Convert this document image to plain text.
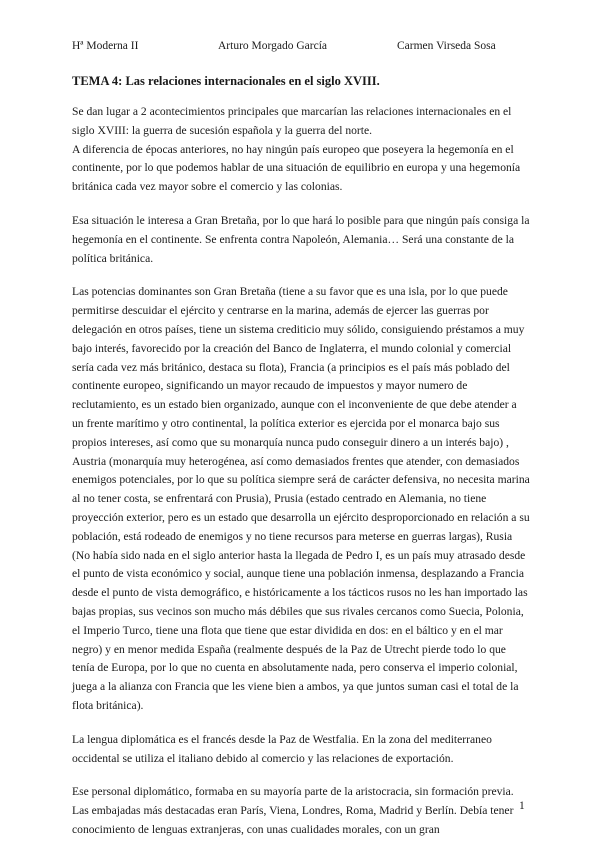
Hª Moderna II	Arturo Morgado García	Carmen Virseda Sosa
TEMA 4: Las relaciones internacionales en el siglo XVIII.

Se dan lugar a 2 acontecimientos principales que marcarían las relaciones internacionales en el siglo XVIII: la guerra de sucesión española y la guerra del norte.

A diferencia de épocas anteriores, no hay ningún país europeo que poseyera la hegemonía en el continente, por lo que podemos hablar de una situación de equilibrio en europa y una hegemonía británica cada vez mayor sobre el comercio y las colonias.

Esa situación le interesa a Gran Bretaña, por lo que hará lo posible para que ningún país consiga la hegemonía en el continente. Se enfrenta contra Napoleón, Alemania… Será una constante de la política británica.

Las potencias dominantes son Gran Bretaña (tiene a su favor que es una isla, por lo que puede permitirse descuidar el ejército y centrarse en la marina, además de ejercer las guerras por delegación en otros países, tiene un sistema crediticio muy sólido, consiguiendo préstamos a muy bajo interés, favorecido por la creación del Banco de Inglaterra, el mundo colonial y comercial sería cada vez más británico, destaca su flota), Francia (a principios es el país más poblado del continente europeo, significando un mayor recaudo de impuestos y mayor numero de reclutamiento, es un estado bien organizado, aunque con el inconveniente de que debe atender a un frente marítimo y otro continental, la política exterior es ejercida por el monarca bajo sus propios intereses, así como que su monarquía nunca pudo conseguir dinero a un interés bajo) , Austria (monarquía muy heterogénea, así como demasiados frentes que atender, con demasiados enemigos potenciales, por lo que su política siempre será de carácter defensiva, no necesita marina al no tener costa, se enfrentará con Prusia), Prusia (estado centrado en Alemania, no tiene proyección exterior, pero es un estado que desarrolla un ejército desproporcionado en relación a su población, está rodeado de enemigos y no tiene recursos para meterse en guerras largas), Rusia (No había sido nada en el siglo anterior hasta la llegada de Pedro I, es un país muy atrasado desde el punto de vista económico y social, aunque tiene una población inmensa, desplazando a Francia desde el punto de vista demográfico, e históricamente a los tácticos rusos no les han importado las bajas propias, sus vecinos son mucho más débiles que sus rivales cercanos como Suecia, Polonia, el Imperio Turco, tiene una flota que tiene que estar dividida en dos: en el báltico y en el mar negro) y en menor medida España (realmente después de la Paz de Utrecht pierde todo lo que tenía de Europa, por lo que no cuenta en absolutamente nada, pero conserva el imperio colonial, juega a la alianza con Francia que les viene bien a ambos, ya que juntos suman casi el total de la flota británica).

La lengua diplomática es el francés desde la Paz de Westfalia. En la zona del mediterraneo occidental se utiliza el italiano debido al comercio y las relaciones de exportación.

Ese personal diplomático, formaba en su mayoría parte de la aristocracia, sin formación previa. Las embajadas más destacadas eran París, Viena, Londres, Roma, Madrid y Berlín. Debía tener conocimiento de lenguas extranjeras, con unas cualidades morales, con un gran

1
